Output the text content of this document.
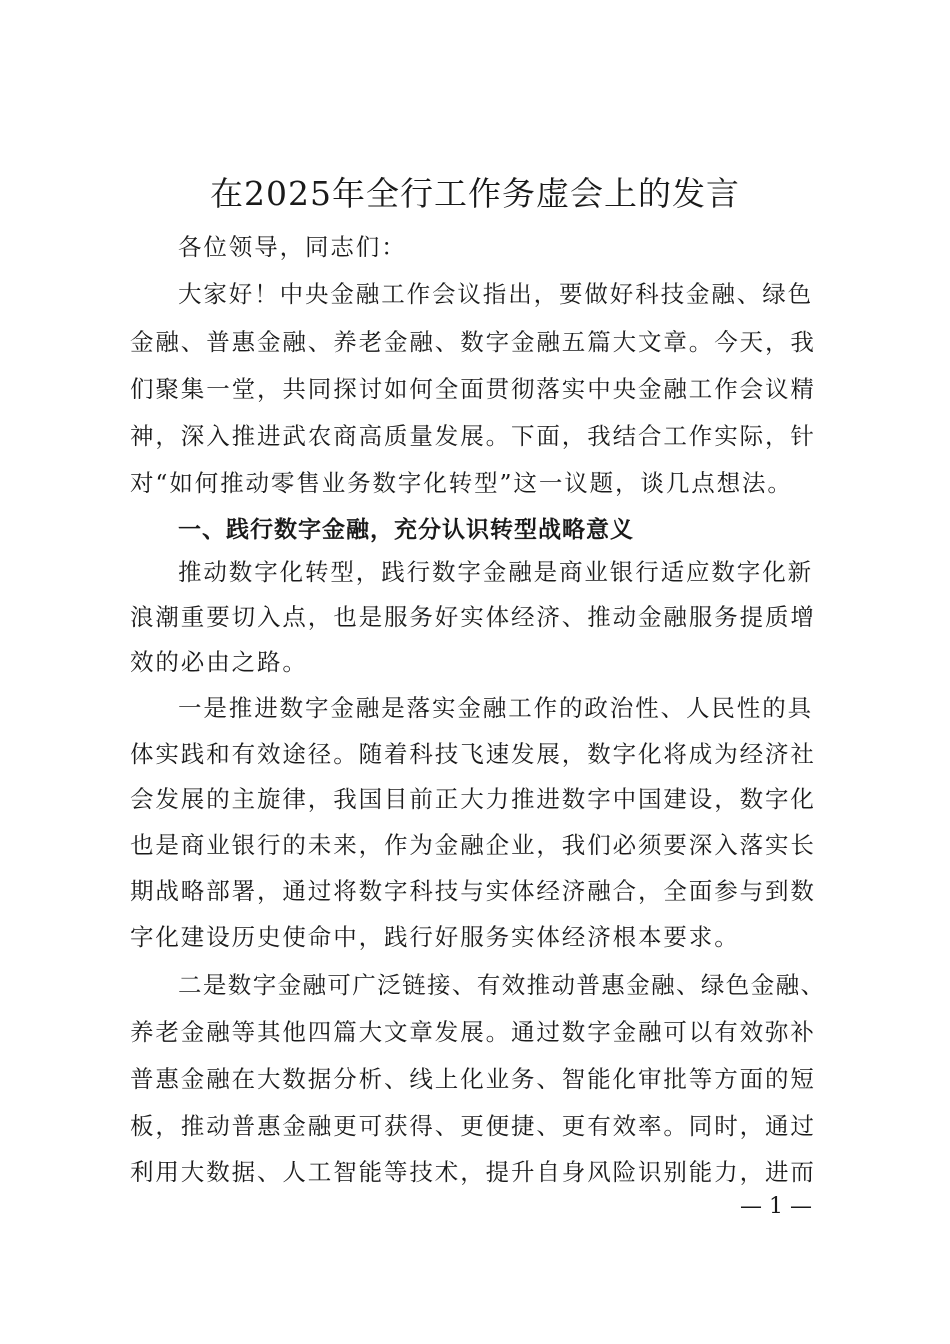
在2025年全行工作务虚会上的发言
各位领导，同志们：
大家好！中央金融工作会议指出，要做好科技金融、绿色
金融、普惠金融、养老金融、数字金融五篇大文章。今天，我
们聚集一堂，共同探讨如何全面贯彻落实中央金融工作会议精
神，深入推进武农商高质量发展。下面，我结合工作实际，针
对“如何推动零售业务数字化转型”这一议题，谈几点想法。
一、践行数字金融，充分认识转型战略意义
推动数字化转型，践行数字金融是商业银行适应数字化新
浪潮重要切入点，也是服务好实体经济、推动金融服务提质增
效的必由之路。
一是推进数字金融是落实金融工作的政治性、人民性的具
体实践和有效途径。随着科技飞速发展，数字化将成为经济社
会发展的主旋律，我国目前正大力推进数字中国建设，数字化
也是商业银行的未来，作为金融企业，我们必须要深入落实长
期战略部署，通过将数字科技与实体经济融合，全面参与到数
字化建设历史使命中，践行好服务实体经济根本要求。
二是数字金融可广泛链接、有效推动普惠金融、绿色金融、
养老金融等其他四篇大文章发展。通过数字金融可以有效弥补
普惠金融在大数据分析、线上化业务、智能化审批等方面的短
板，推动普惠金融更可获得、更便捷、更有效率。同时，通过
利用大数据、人工智能等技术，提升自身风险识别能力，进而
— 1 —
